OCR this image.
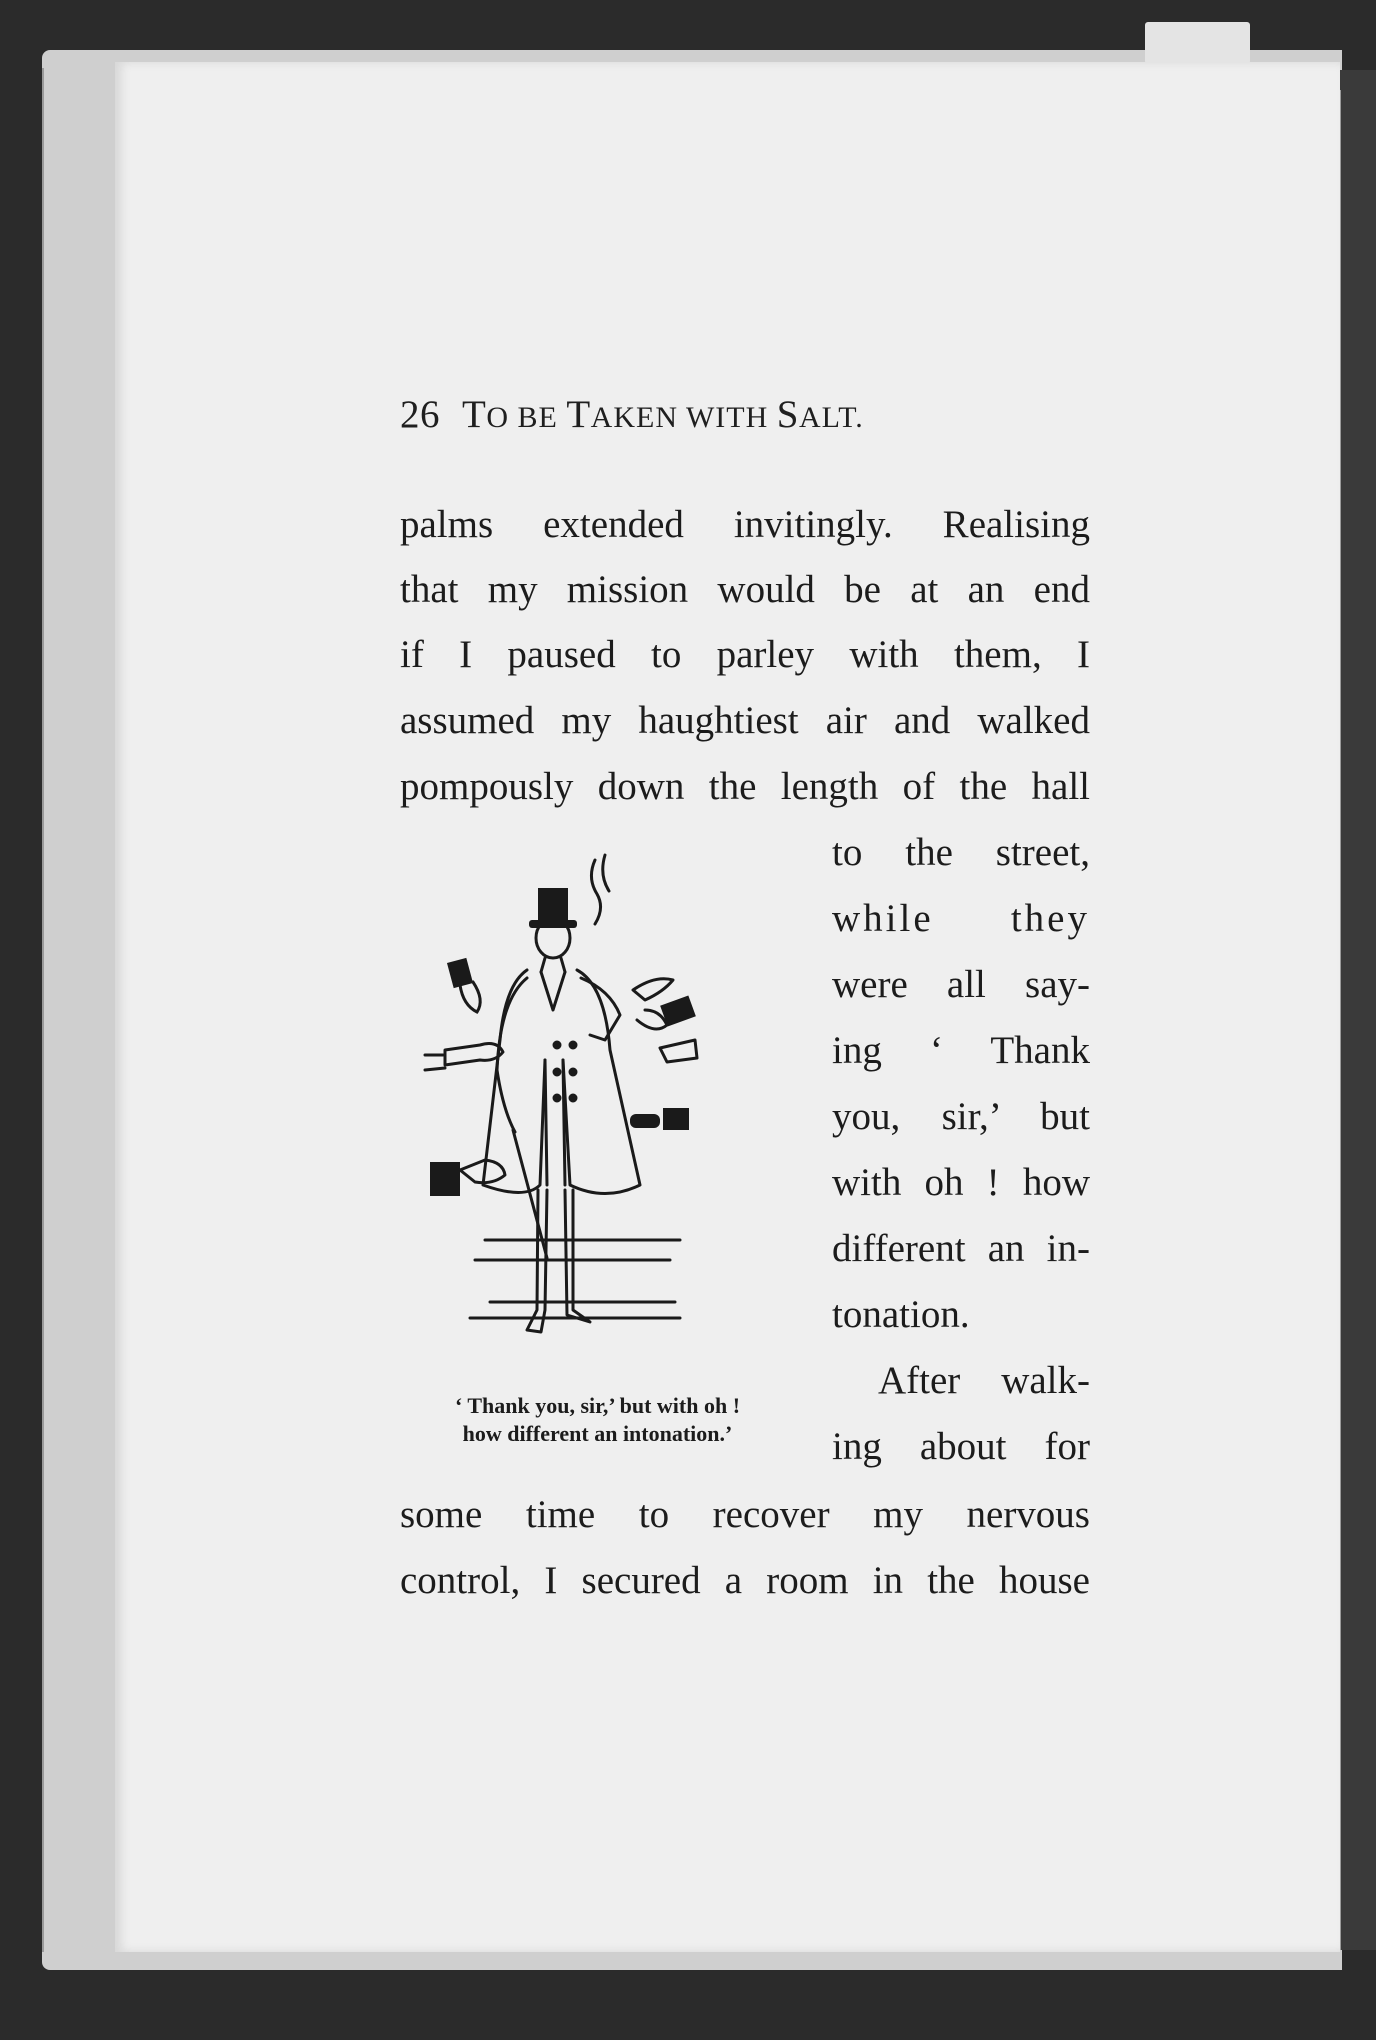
26 TO BE TAKEN WITH SALT.
palms extended invitingly. Realising
that my mission would be at an end
if I paused to parley with them, I
assumed my haughtiest air and walked
pompously down the length of the hall
to the street,
while they
were all say-
ing ‘ Thank
you, sir,’ but
with oh ! how
different an in-
tonation.
After walk-
ing about for
some time to recover my nervous
control, I secured a room in the house
‘ Thank you, sir,’ but with oh !
how different an intonation.’
